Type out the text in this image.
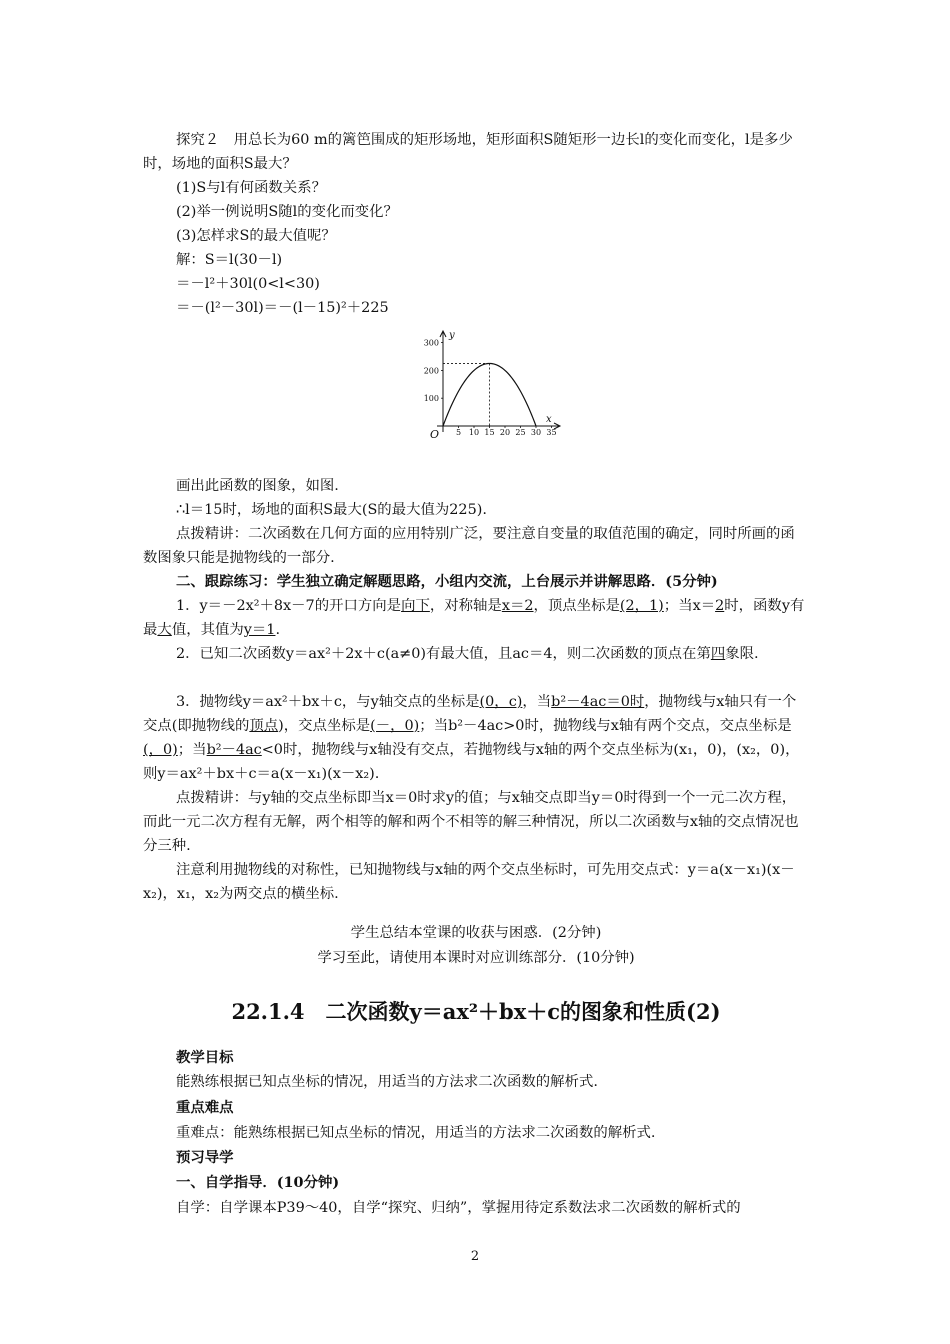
探究２　用总长为60 m的篱笆围成的矩形场地，矩形面积S随矩形一边长l的变化而变化，l是多少时，场地的面积S最大？

(1)S与l有何函数关系？

(2)举一例说明S随l的变化而变化？

(3)怎样求S的最大值呢？

解：S＝l(30－l)

＝－l²＋30l(0<l<30)

＝－(l²－30l)＝－(l－15)²＋225

y
x
O
100
200
300
5 10 15 20 25 30 35

画出此函数的图象，如图.

∴l＝15时，场地的面积S最大(S的最大值为225).

点拨精讲：二次函数在几何方面的应用特别广泛，要注意自变量的取值范围的确定，同时所画的函数图象只能是抛物线的一部分.

二、跟踪练习：学生独立确定解题思路，小组内交流，上台展示并讲解思路．(5分钟)

1．y＝－2x²＋8x－7的开口方向是向下，对称轴是x＝2，顶点坐标是(2，1)；当x＝2时，函数y有最大值，其值为y＝1.

2．已知二次函数y＝ax²＋2x＋c(a≠0)有最大值，且ac＝4，则二次函数的顶点在第四象限.

3．抛物线y＝ax²＋bx＋c，与y轴交点的坐标是(0，c)，当b²－4ac＝0时，抛物线与x轴只有一个交点(即抛物线的顶点)，交点坐标是(－，0)；当b²－4ac>0时，抛物线与x轴有两个交点，交点坐标是(，0)；当b²－4ac<0时，抛物线与x轴没有交点，若抛物线与x轴的两个交点坐标为(x₁，0)，(x₂，0)，则y＝ax²＋bx＋c＝a(x－x₁)(x－x₂).

点拨精讲：与y轴的交点坐标即当x＝0时求y的值；与x轴交点即当y＝0时得到一个一元二次方程，而此一元二次方程有无解，两个相等的解和两个不相等的解三种情况，所以二次函数与x轴的交点情况也分三种.

注意利用抛物线的对称性，已知抛物线与x轴的两个交点坐标时，可先用交点式：y＝a(x－x₁)(x－x₂)，x₁，x₂为两交点的横坐标.

学生总结本堂课的收获与困惑．(2分钟)
学习至此，请使用本课时对应训练部分．(10分钟)
22.1.4　二次函数y＝ax²＋bx＋c的图象和性质(2)

教学目标

能熟练根据已知点坐标的情况，用适当的方法求二次函数的解析式.

重点难点

重难点：能熟练根据已知点坐标的情况，用适当的方法求二次函数的解析式.

预习导学

一、自学指导．(10分钟)

自学：自学课本P39～40，自学“探究、归纳”，掌握用待定系数法求二次函数的解析式的

2
